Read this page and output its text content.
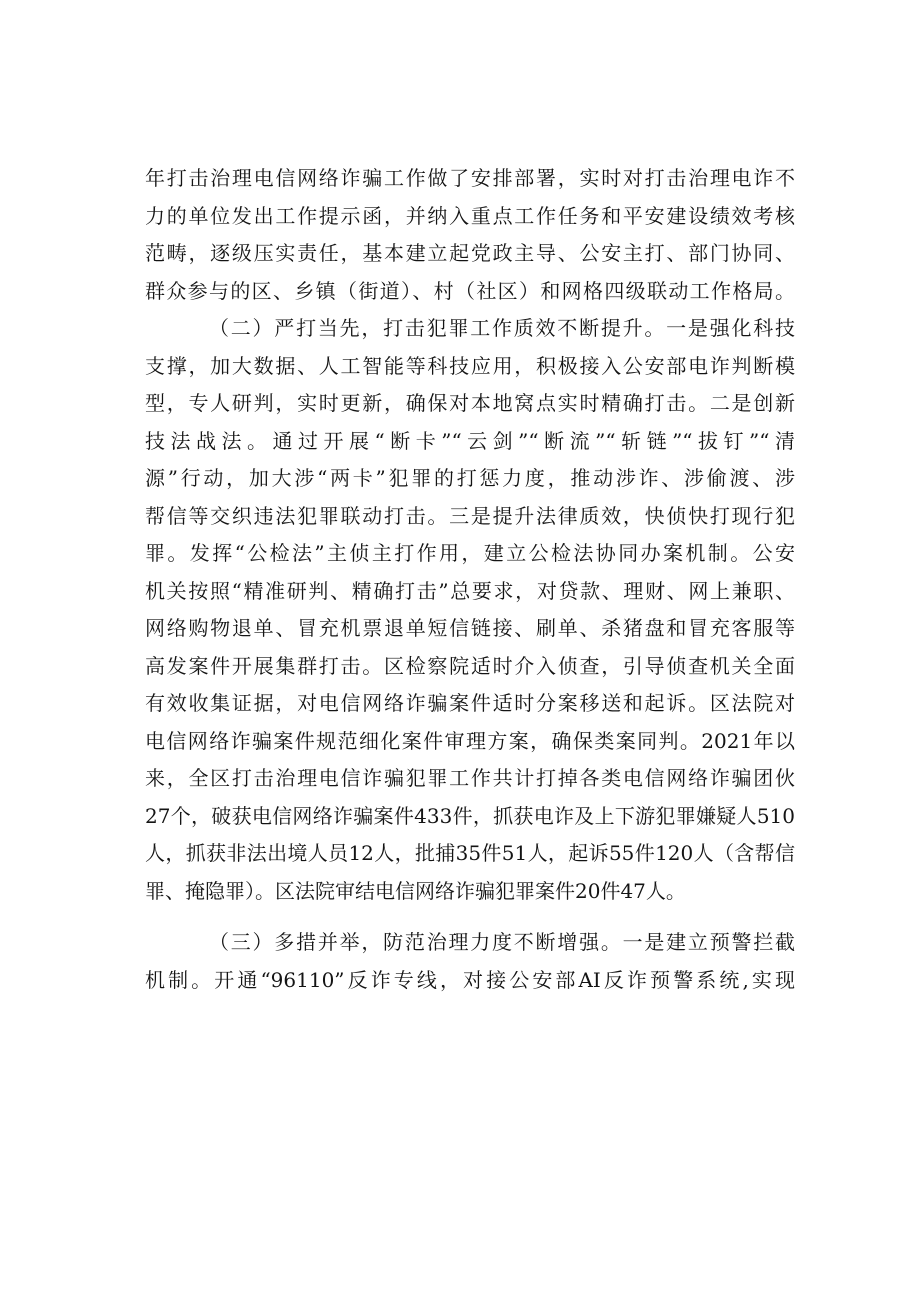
年打击治理电信网络诈骗工作做了安排部署，实时对打击治理电诈不
力的单位发出工作提示函，并纳入重点工作任务和平安建设绩效考核
范畴，逐级压实责任，基本建立起党政主导、公安主打、部门协同、
群众参与的区、乡镇（街道）、村（社区）和网格四级联动工作格局。
（二）严打当先，打击犯罪工作质效不断提升。一是强化科技
支撑，加大数据、人工智能等科技应用，积极接入公安部电诈判断模
型，专人研判，实时更新，确保对本地窝点实时精确打击。二是创新
技法战法。通过开展“断卡”“云剑”“断流”“斩链”“拔钉”“清
源”行动，加大涉“两卡”犯罪的打惩力度，推动涉诈、涉偷渡、涉
帮信等交织违法犯罪联动打击。三是提升法律质效，快侦快打现行犯
罪。发挥“公检法”主侦主打作用，建立公检法协同办案机制。公安
机关按照“精准研判、精确打击”总要求，对贷款、理财、网上兼职、
网络购物退单、冒充机票退单短信链接、刷单、杀猪盘和冒充客服等
高发案件开展集群打击。区检察院适时介入侦查，引导侦查机关全面
有效收集证据，对电信网络诈骗案件适时分案移送和起诉。区法院对
电信网络诈骗案件规范细化案件审理方案，确保类案同判。2021年以
来，全区打击治理电信诈骗犯罪工作共计打掉各类电信网络诈骗团伙
27个，破获电信网络诈骗案件433件，抓获电诈及上下游犯罪嫌疑人510
人，抓获非法出境人员12人，批捕35件51人，起诉55件120人（含帮信
罪、掩隐罪）。区法院审结电信网络诈骗犯罪案件20件47人。
（三）多措并举，防范治理力度不断增强。一是建立预警拦截
机制。开通“96110”反诈专线，对接公安部AI反诈预警系统,实现
